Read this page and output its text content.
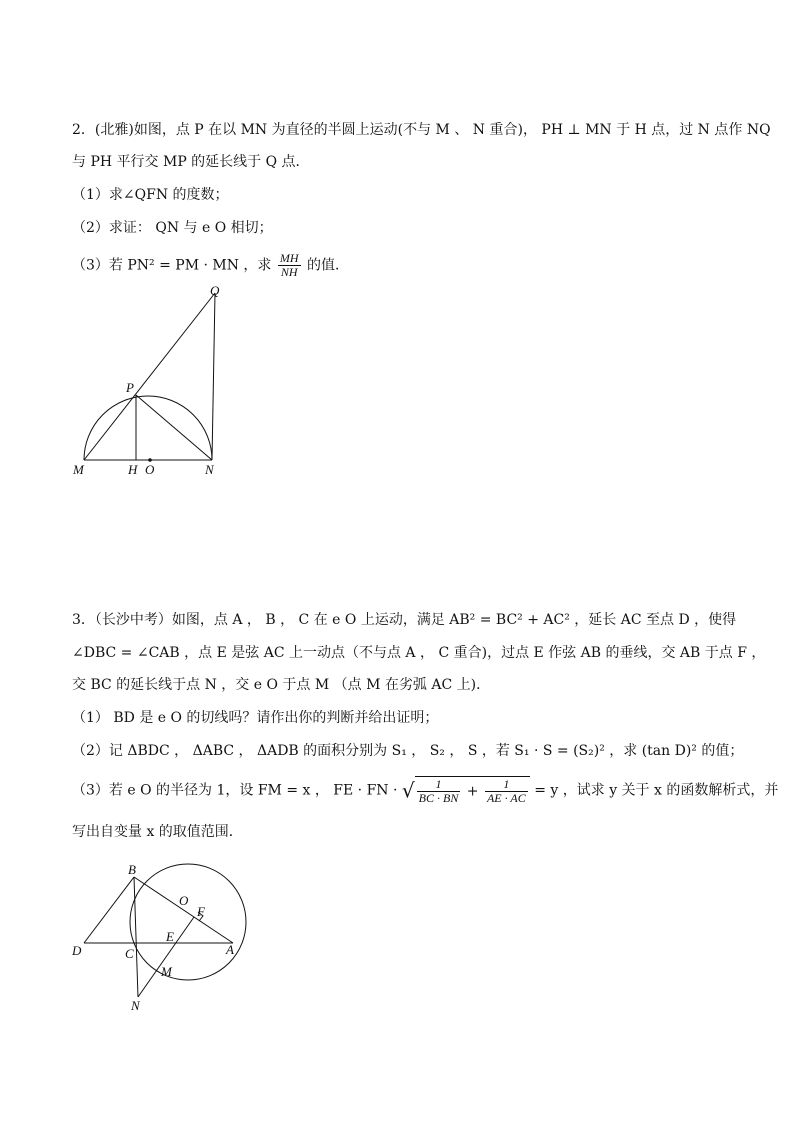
2．(北雅)如图，点 P 在以 MN 为直径的半圆上运动(不与 M 、 N 重合)， PH ⊥ MN 于 H 点，过 N 点作 NQ
与 PH 平行交 MP 的延长线于 Q 点．
（1）求∠QFN 的度数；
（2）求证： QN 与 e O 相切；
（3）若 PN² = PM · MN ，求 $\frac{MH}{NH}$ 的值．
Q
P
M	H O	N
3．（长沙中考）如图，点 A ， B ， C 在 e O 上运动，满足 AB² = BC² + AC² ，延长 AC 至点 D ，使得
∠DBC = ∠CAB ，点 E 是弦 AC 上一动点（不与点 A ， C 重合)，过点 E 作弦 AB 的垂线，交 AB 于点 F ，
交 BC 的延长线于点 N ，交 e O 于点 M （点 M 在劣弧 AC 上)．
（1） BD 是 e O 的切线吗？请作出你的判断并给出证明；
（2）记 ΔBDC ， ΔABC ， ΔADB 的面积分别为 S₁ ， S₂ ， S ，若 S₁ · S = (S₂)² ，求 (tan D)² 的值；
（3）若 e O 的半径为 1，设 FM = x ， FE · FN · √ $\frac{1}{BC \cdot BN} + \frac{1}{AE \cdot AC} = y$ ，试求 y 关于 x 的函数解析式，并
写出自变量 x 的取值范围．
B
O
F
D	C
E
A
M
N
